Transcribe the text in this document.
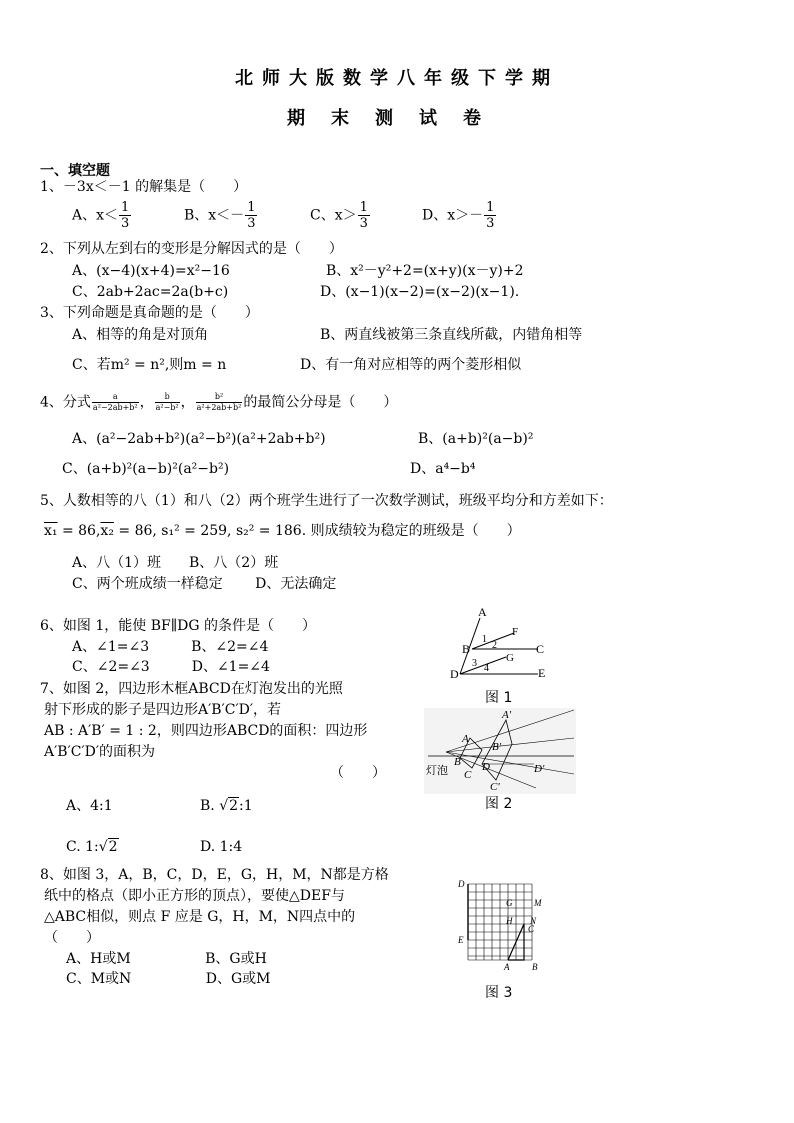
北师大版数学八年级下学期
期末测试卷
一、填空题
1、－3x＜－1 的解集是（　　）
A、$x< \frac{1}{3}$	B、$x<- \frac{1}{3}$	C、$x> \frac{1}{3}$	D、$x>- \frac{1}{3}$
2、下列从左到右的变形是分解因式的是（　　）
A、(x−4)(x+4)=x²−16	B、x²－y²+2=(x+y)(x－y)+2
C、2ab+2ac=2a(b+c)	D、(x−1)(x−2)=(x−2)(x−1).
3、下列命题是真命题的是（　　）
A、相等的角是对顶角	B、两直线被第三条直线所截，内错角相等
C、若m² = n²,则m = n	D、有一角对应相等的两个菱形相似
4、分式 $\frac{a}{\text{a²−2ab+b²}}$ ， $\frac{b}{\text{a²−b²}}$ ， $\frac{\text{b²}}{\text{a²+2ab+b²}}$ 的最简公分母是（　　）
A、(a²−2ab+b²)(a²−b²)(a²+2ab+b²)	B、(a+b)²(a−b)²
C、(a+b)²(a−b)²(a²−b²)	D、a⁴−b⁴
5、人数相等的八（1）和八（2）两个班学生进行了一次数学测试，班级平均分和方差如下：
x₁ = 86,x₂ = 86, s₁² = 259, s₂² = 186. 则成绩较为稳定的班级是（　　）
A、八（1）班　　B、八（2）班
C、两个班成绩一样稳定　　 D、无法确定
6、如图 1，能使 BF∥DG 的条件是（　　）
A、∠1=∠3　　　B、∠2=∠4
C、∠2=∠3　　　D、∠1=∠4
7、如图 2，四边形木框ABCD在灯泡发出的光照
射下形成的影子是四边形A′B′C′D′，若
AB : A′B′ = 1 : 2，则四边形ABCD的面积：四边形
A′B′C′D′的面积为
（　　）
A、4:1	B. √2:1
C. 1:√2	D. 1:4
8、如图 3，A，B，C，D，E，G，H，M，N都是方格
纸中的格点（即小正方形的顶点），要使△DEF与
△ABC相似，则点 F 应是 G，H，M，N四点中的
（　　）
A、H或M　　　　　 B、G或H
C、M或N　　　　　 D、G或M
A
B	C
D	E
F
G
1
2
3 4
图 1
A
B
C
D
A′
B′
C′
D′
灯泡
图 2
D
E
A	B
G M
H N
C
图 3
